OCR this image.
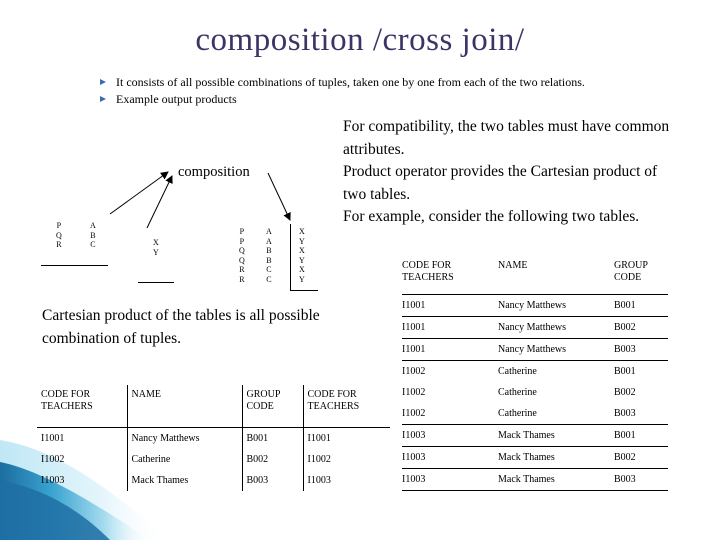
composition /cross join/
It consists of all possible combinations of tuples, taken one by one from each of the two relations.
Example output products
For compatibility, the two tables must have common attributes.
Product operator provides the Cartesian product of two tables.
For example, consider the following two tables.
composition
P
Q
R
A
B
C	X
Y
P
P
Q
Q
R
R
A
A
B
B
C
C
X
Y
X
Y
X
Y
Cartesian product of the tables is all possible combination of tuples.
CODE FOR TEACHERS	NAME	GROUP CODE
I1001	Nancy Matthews	B001
I1001	Nancy Matthews	B002
I1001	Nancy Matthews	B003
I1002	Catherine	B001
I1002	Catherine	B002
I1002	Catherine	B003
I1003	Mack Thames	B001
I1003	Mack Thames	B002
I1003	Mack Thames	B003
CODE FOR TEACHERS	NAME	GROUP CODE	CODE FOR TEACHERS
I1001	Nancy Matthews	B001	I1001
I1002	Catherine	B002	I1002
I1003	Mack Thames	B003	I1003
